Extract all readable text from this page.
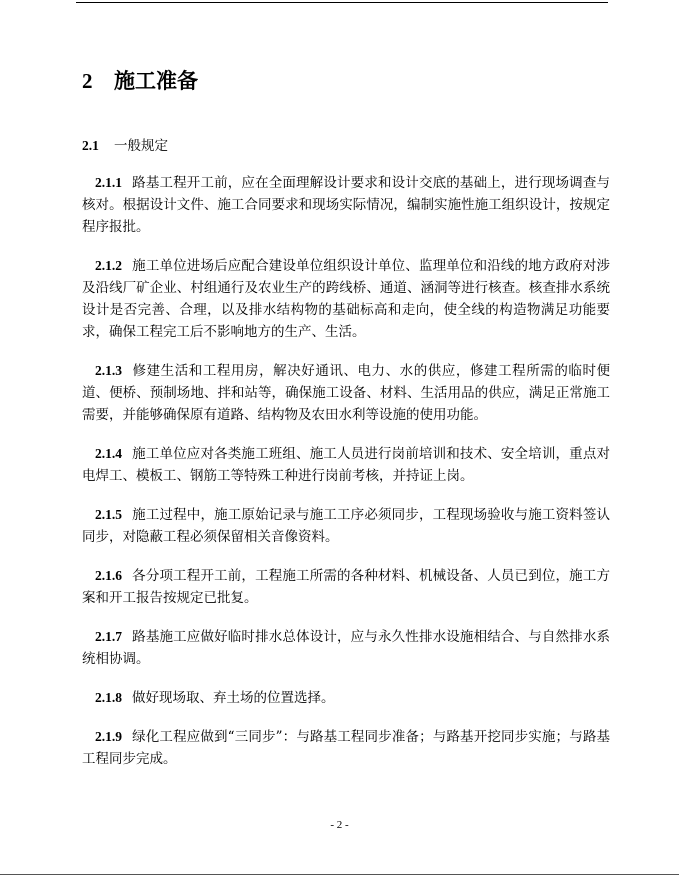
2 施工准备
2.1 一般规定

2.1.1 路基工程开工前，应在全面理解设计要求和设计交底的基础上，进行现场调查与核对。根据设计文件、施工合同要求和现场实际情况，编制实施性施工组织设计，按规定程序报批。

2.1.2 施工单位进场后应配合建设单位组织设计单位、监理单位和沿线的地方政府对涉及沿线厂矿企业、村组通行及农业生产的跨线桥、通道、涵洞等进行核查。核查排水系统设计是否完善、合理，以及排水结构物的基础标高和走向，使全线的构造物满足功能要求，确保工程完工后不影响地方的生产、生活。

2.1.3 修建生活和工程用房，解决好通讯、电力、水的供应，修建工程所需的临时便道、便桥、预制场地、拌和站等，确保施工设备、材料、生活用品的供应，满足正常施工需要，并能够确保原有道路、结构物及农田水利等设施的使用功能。

2.1.4 施工单位应对各类施工班组、施工人员进行岗前培训和技术、安全培训，重点对电焊工、模板工、钢筋工等特殊工种进行岗前考核，并持证上岗。

2.1.5 施工过程中，施工原始记录与施工工序必须同步，工程现场验收与施工资料签认同步，对隐蔽工程必须保留相关音像资料。

2.1.6 各分项工程开工前，工程施工所需的各种材料、机械设备、人员已到位，施工方案和开工报告按规定已批复。

2.1.7 路基施工应做好临时排水总体设计，应与永久性排水设施相结合、与自然排水系统相协调。

2.1.8 做好现场取、弃土场的位置选择。

2.1.9 绿化工程应做到“三同步”：与路基工程同步准备；与路基开挖同步实施；与路基工程同步完成。

- 2 -
